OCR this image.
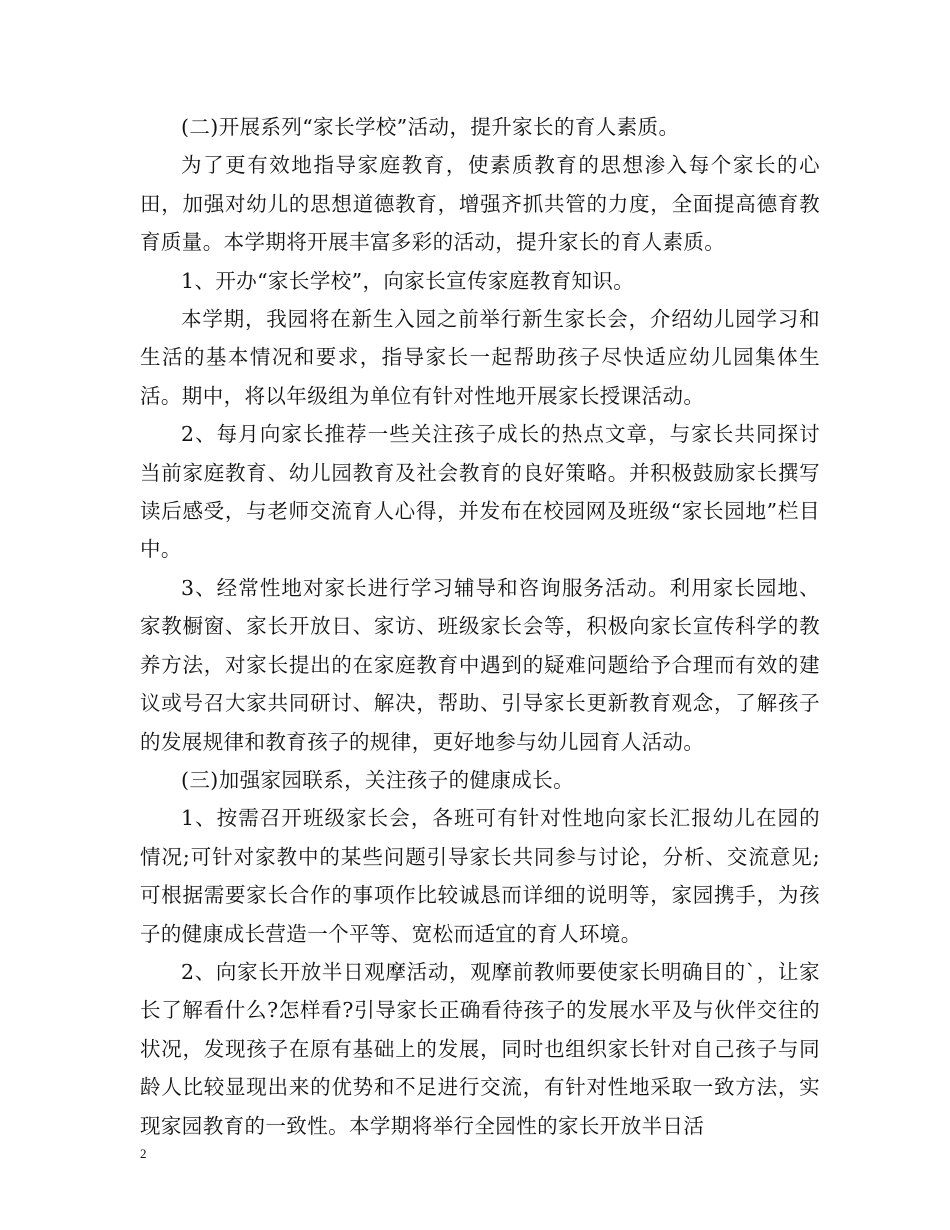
(二)开展系列“家长学校”活动，提升家长的育人素质。

为了更有效地指导家庭教育，使素质教育的思想渗入每个家长的心田，加强对幼儿的思想道德教育，增强齐抓共管的力度，全面提高德育教育质量。本学期将开展丰富多彩的活动，提升家长的育人素质。

1、开办“家长学校”，向家长宣传家庭教育知识。

本学期，我园将在新生入园之前举行新生家长会，介绍幼儿园学习和生活的基本情况和要求，指导家长一起帮助孩子尽快适应幼儿园集体生活。期中，将以年级组为单位有针对性地开展家长授课活动。

2、每月向家长推荐一些关注孩子成长的热点文章，与家长共同探讨当前家庭教育、幼儿园教育及社会教育的良好策略。并积极鼓励家长撰写读后感受，与老师交流育人心得，并发布在校园网及班级“家长园地”栏目中。

3、经常性地对家长进行学习辅导和咨询服务活动。利用家长园地、家教橱窗、家长开放日、家访、班级家长会等，积极向家长宣传科学的教养方法，对家长提出的在家庭教育中遇到的疑难问题给予合理而有效的建议或号召大家共同研讨、解决，帮助、引导家长更新教育观念，了解孩子的发展规律和教育孩子的规律，更好地参与幼儿园育人活动。

(三)加强家园联系，关注孩子的健康成长。

1、按需召开班级家长会，各班可有针对性地向家长汇报幼儿在园的情况;可针对家教中的某些问题引导家长共同参与讨论，分析、交流意见;可根据需要家长合作的事项作比较诚恳而详细的说明等，家园携手，为孩子的健康成长营造一个平等、宽松而适宜的育人环境。

2、向家长开放半日观摩活动，观摩前教师要使家长明确目的`，让家长了解看什么?怎样看?引导家长正确看待孩子的发展水平及与伙伴交往的状况，发现孩子在原有基础上的发展，同时也组织家长针对自己孩子与同龄人比较显现出来的优势和不足进行交流，有针对性地采取一致方法，实现家园教育的一致性。本学期将举行全园性的家长开放半日活

2
